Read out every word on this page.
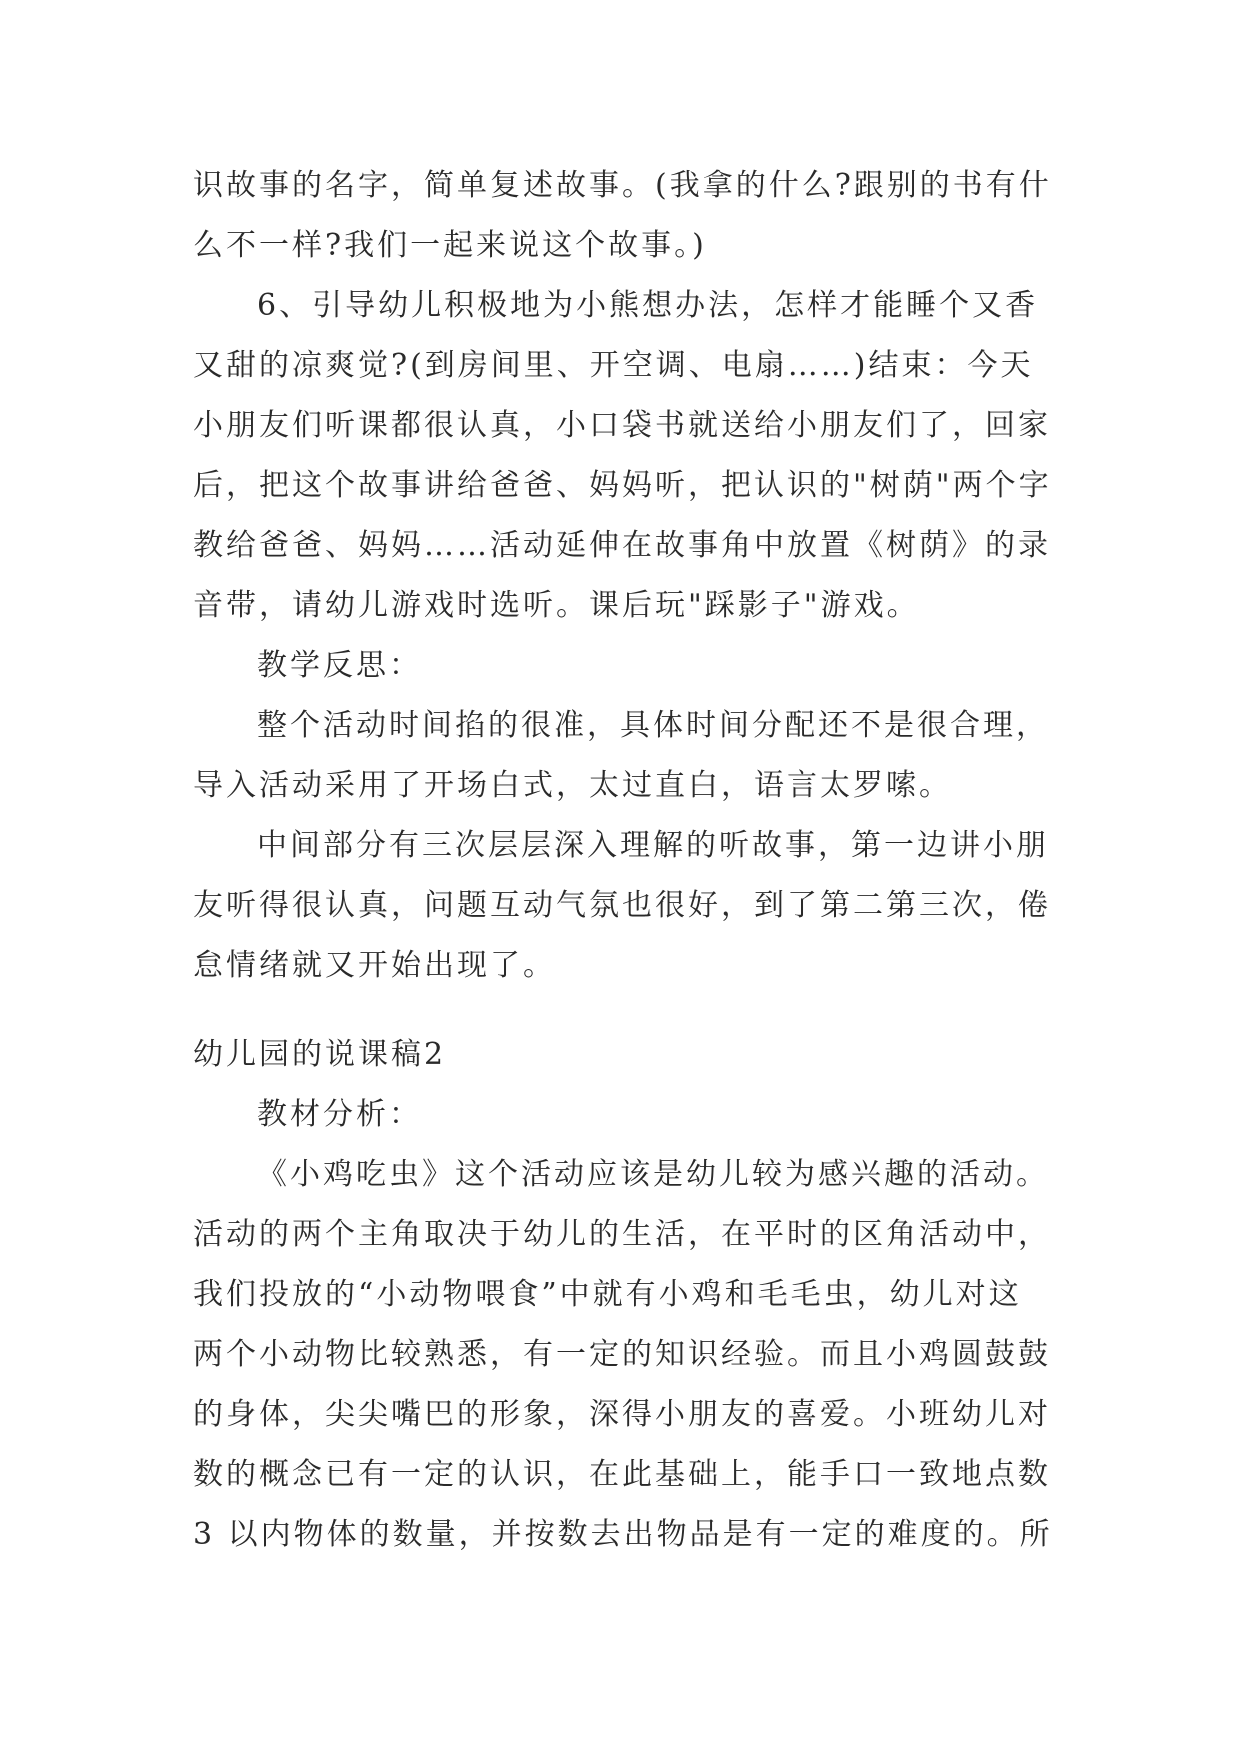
识故事的名字，简单复述故事。(我拿的什么?跟别的书有什
么不一样?我们一起来说这个故事。)
6、引导幼儿积极地为小熊想办法，怎样才能睡个又香
又甜的凉爽觉?(到房间里、开空调、电扇……)结束：今天
小朋友们听课都很认真，小口袋书就送给小朋友们了，回家
后，把这个故事讲给爸爸、妈妈听，把认识的"树荫"两个字
教给爸爸、妈妈……活动延伸在故事角中放置《树荫》的录
音带，请幼儿游戏时选听。课后玩"踩影子"游戏。
教学反思：
整个活动时间掐的很准，具体时间分配还不是很合理，
导入活动采用了开场白式，太过直白，语言太罗嗦。
中间部分有三次层层深入理解的听故事，第一边讲小朋
友听得很认真，问题互动气氛也很好，到了第二第三次，倦
怠情绪就又开始出现了。
幼儿园的说课稿2
教材分析：
《小鸡吃虫》这个活动应该是幼儿较为感兴趣的活动。
活动的两个主角取决于幼儿的生活，在平时的区角活动中，
我们投放的“小动物喂食”中就有小鸡和毛毛虫，幼儿对这
两个小动物比较熟悉，有一定的知识经验。而且小鸡圆鼓鼓
的身体，尖尖嘴巴的形象，深得小朋友的喜爱。小班幼儿对
数的概念已有一定的认识，在此基础上，能手口一致地点数
3 以内物体的数量，并按数去出物品是有一定的难度的。所
